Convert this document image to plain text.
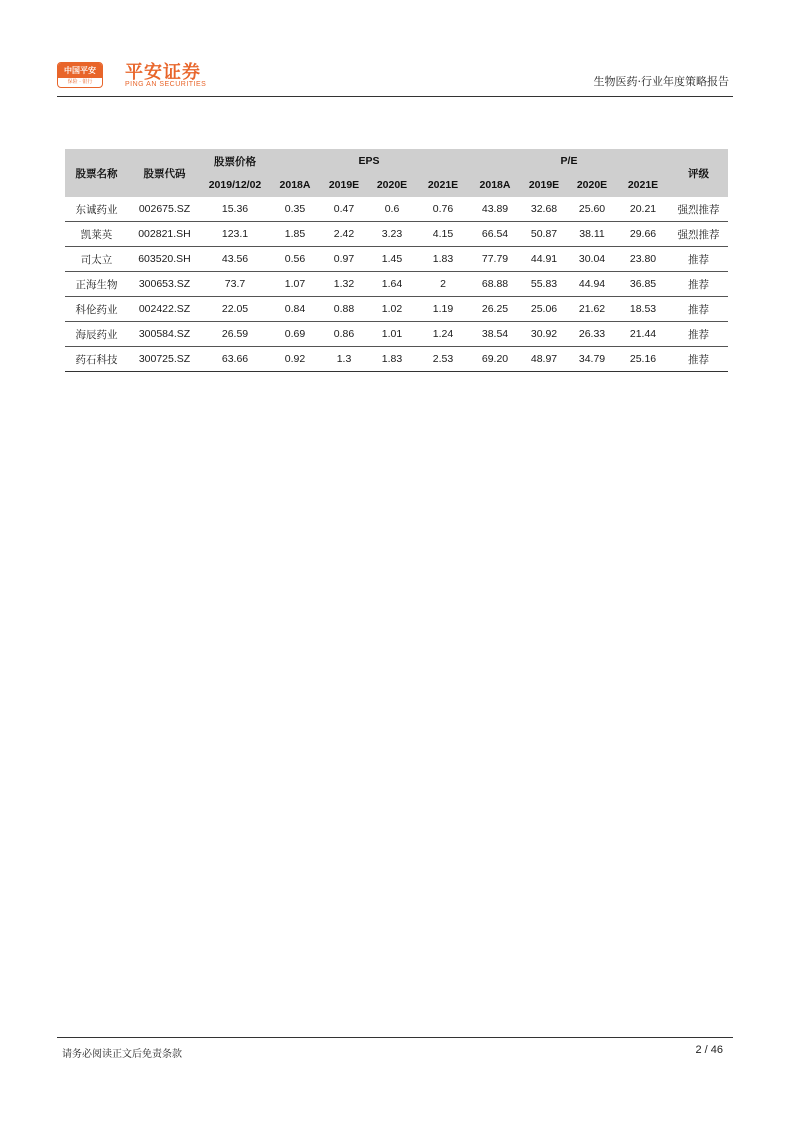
中国平安
保险 · 银行	平安证券
PING AN SECURITIES	生物医药·行业年度策略报告
股票名称	股票代码	股票价格	EPS				P/E				评级
		2019/12/02	2018A	2019E	2020E	2021E	2018A	2019E	2020E	2021E	
东诚药业	002675.SZ	15.36	0.35	0.47	0.6	0.76	43.89	32.68	25.60	20.21	强烈推荐
凯莱英	002821.SH	123.1	1.85	2.42	3.23	4.15	66.54	50.87	38.11	29.66	强烈推荐
司太立	603520.SH	43.56	0.56	0.97	1.45	1.83	77.79	44.91	30.04	23.80	推荐
正海生物	300653.SZ	73.7	1.07	1.32	1.64	2	68.88	55.83	44.94	36.85	推荐
科伦药业	002422.SZ	22.05	0.84	0.88	1.02	1.19	26.25	25.06	21.62	18.53	推荐
海辰药业	300584.SZ	26.59	0.69	0.86	1.01	1.24	38.54	30.92	26.33	21.44	推荐
药石科技	300725.SZ	63.66	0.92	1.3	1.83	2.53	69.20	48.97	34.79	25.16	推荐
请务必阅读正文后免责条款	2 / 46
